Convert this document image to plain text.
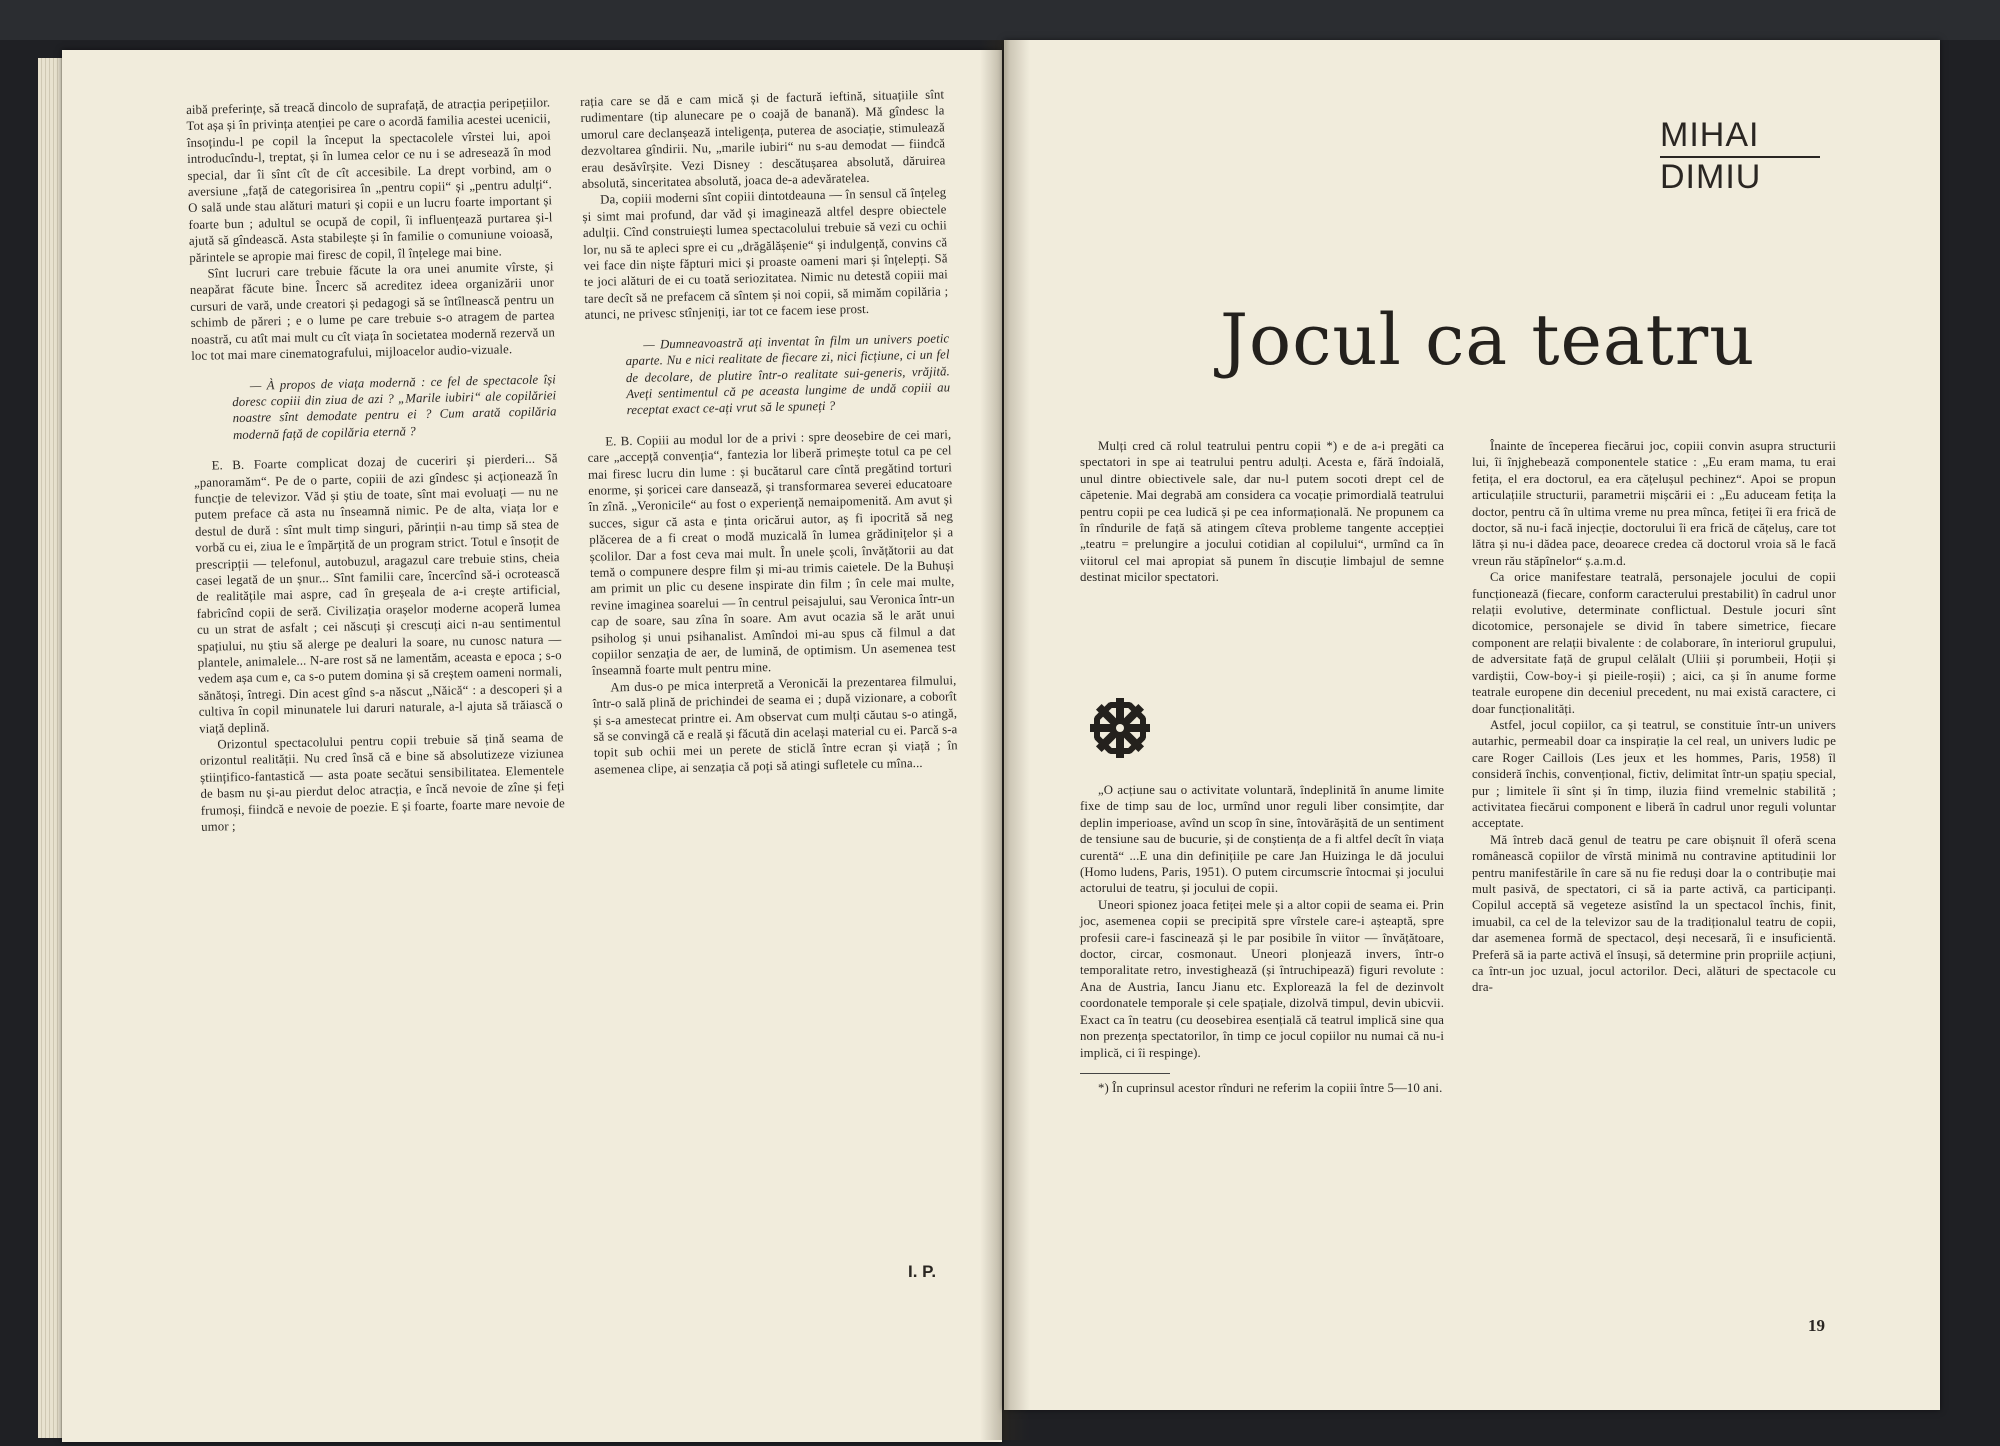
aibă preferințe, să treacă dincolo de suprafață, de atracția peripețiilor. Tot așa și în privința atenției pe care o acordă familia acestei ucenicii, însoțindu-l pe copil la început la spectacolele vîrstei lui, apoi introducîndu-l, treptat, și în lumea celor ce nu i se adresează în mod special, dar îi sînt cît de cît accesibile. La drept vorbind, am o aversiune „față de categorisirea în „pentru copii“ și „pentru adulți“. O sală unde stau alături maturi și copii e un lucru foarte important și foarte bun ; adultul se ocupă de copil, îi influențează purtarea și-l ajută să gîndească. Asta stabilește și în familie o comuniune voioasă, părintele se apropie mai firesc de copil, îl înțelege mai bine.

Sînt lucruri care trebuie făcute la ora unei anumite vîrste, și neapărat făcute bine. Încerc să acreditez ideea organizării unor cursuri de vară, unde creatori și pedagogi să se întîlnească pentru un schimb de păreri ; e o lume pe care trebuie s-o atragem de partea noastră, cu atît mai mult cu cît viața în societatea modernă rezervă un loc tot mai mare cinematografului, mijloacelor audio-vizuale.

— À propos de viața modernă : ce fel de spectacole își doresc copiii din ziua de azi ? „Marile iubiri“ ale copilăriei noastre sînt demodate pentru ei ? Cum arată copilăria modernă față de copilăria eternă ?

E. B. Foarte complicat dozaj de cuceriri și pierderi... Să „panoramăm“. Pe de o parte, copiii de azi gîndesc și acționează în funcție de televizor. Văd și știu de toate, sînt mai evoluați — nu ne putem preface că asta nu înseamnă nimic. Pe de alta, viața lor e destul de dură : sînt mult timp singuri, părinții n-au timp să stea de vorbă cu ei, ziua le e împărțită de un program strict. Totul e însoțit de prescripții — telefonul, autobuzul, aragazul care trebuie stins, cheia casei legată de un șnur... Sînt familii care, încercînd să-i ocrotească de realitățile mai aspre, cad în greșeala de a-i crește artificial, fabricînd copii de seră. Civilizația orașelor moderne acoperă lumea cu un strat de asfalt ; cei născuți și crescuți aici n-au sentimentul spațiului, nu știu să alerge pe dealuri la soare, nu cunosc natura — plantele, animalele... N-are rost să ne lamentăm, aceasta e epoca ; s-o vedem așa cum e, ca s-o putem domina și să creștem oameni normali, sănătoși, întregi. Din acest gînd s-a născut „Năică“ : a descoperi și a cultiva în copil minunatele lui daruri naturale, a-l ajuta să trăiască o viață deplină.

Orizontul spectacolului pentru copii trebuie să țină seama de orizontul realității. Nu cred însă că e bine să absolutizeze viziunea științifico-fantastică — asta poate secătui sensibilitatea. Elementele de basm nu și-au pierdut deloc atracția, e încă nevoie de zîne și feți frumoși, fiindcă e nevoie de poezie. E și foarte, foarte mare nevoie de umor ;

rația care se dă e cam mică și de factură ieftină, situațiile sînt rudimentare (tip alunecare pe o coajă de banană). Mă gîndesc la umorul care declanșează inteligența, puterea de asociație, stimulează dezvoltarea gîndirii. Nu, „marile iubiri“ nu s-au demodat — fiindcă erau desăvîrșite. Vezi Disney : descătușarea absolută, dăruirea absolută, sinceritatea absolută, joaca de-a adevăratelea.

Da, copiii moderni sînt copiii dintotdeauna — în sensul că înțeleg și simt mai profund, dar văd și imaginează altfel despre obiectele adulții. Cînd construiești lumea spectacolului trebuie să vezi cu ochii lor, nu să te apleci spre ei cu „drăgălășenie“ și indulgență, convins că vei face din niște făpturi mici și proaste oameni mari și înțelepți. Să te joci alături de ei cu toată seriozitatea. Nimic nu detestă copiii mai tare decît să ne prefacem că sîntem și noi copii, să mimăm copilăria ; atunci, ne privesc stînjeniți, iar tot ce facem iese prost.

— Dumneavoastră ați inventat în film un univers poetic aparte. Nu e nici realitate de fiecare zi, nici ficțiune, ci un fel de decolare, de plutire într-o realitate sui-generis, vrăjită. Aveți sentimentul că pe aceasta lungime de undă copiii au receptat exact ce-ați vrut să le spuneți ?

E. B. Copiii au modul lor de a privi : spre deosebire de cei mari, care „accepță convenția“, fantezia lor liberă primește totul ca pe cel mai firesc lucru din lume : și bucătarul care cîntă pregătind torturi enorme, și șoricei care dansează, și transformarea severei educatoare în zînă. „Veronicile“ au fost o experiență nemaipomenită. Am avut și succes, sigur că asta e ținta oricărui autor, aș fi ipocrită să neg plăcerea de a fi creat o modă muzicală în lumea grădinițelor și a școlilor. Dar a fost ceva mai mult. În unele școli, învățătorii au dat temă o compunere despre film și mi-au trimis caietele. De la Buhuși am primit un plic cu desene inspirate din film ; în cele mai multe, revine imaginea soarelui — în centrul peisajului, sau Veronica într-un cap de soare, sau zîna în soare. Am avut ocazia să le arăt unui psiholog și unui psihanalist. Amîndoi mi-au spus că filmul a dat copiilor senzația de aer, de lumină, de optimism. Un asemenea test înseamnă foarte mult pentru mine.

Am dus-o pe mica interpretă a Veronicăi la prezentarea filmului, într-o sală plină de prichindei de seama ei ; după vizionare, a coborît și s-a amestecat printre ei. Am observat cum mulți căutau s-o atingă, să se convingă că e reală și făcută din același material cu ei. Parcă s-a topit sub ochii mei un perete de sticlă între ecran și viață ; în asemenea clipe, ai senzația că poți să atingi sufletele cu mîna...

I. P.
MIHAI
DIMIU
Jocul ca teatru

Mulți cred că rolul teatrului pentru copii *) e de a-i pregăti ca spectatori in spe ai teatrului pentru adulți. Acesta e, fără îndoială, unul dintre obiectivele sale, dar nu-l putem socoti drept cel de căpetenie. Mai degrabă am considera ca vocație primordială teatrului pentru copii pe cea ludică și pe cea informațională. Ne propunem ca în rîndurile de față să atingem cîteva probleme tangente accepției „teatru = prelungire a jocului cotidian al copilului“, urmînd ca în viitorul cel mai apropiat să punem în discuție limbajul de semne destinat micilor spectatori.

„O acțiune sau o activitate voluntară, îndeplinită în anume limite fixe de timp sau de loc, urmînd unor reguli liber consimțite, dar deplin imperioase, avînd un scop în sine, întovărășită de un sentiment de tensiune sau de bucurie, și de conștiența de a fi altfel decît în viața curentă“ ...E una din definițiile pe care Jan Huizinga le dă jocului (Homo ludens, Paris, 1951). O putem circumscrie întocmai și jocului actorului de teatru, și jocului de copii.

Uneori spionez joaca fetiței mele și a altor copii de seama ei. Prin joc, asemenea copii se precipită spre vîrstele care-i așteaptă, spre profesii care-i fascinează și le par posibile în viitor — învățătoare, doctor, circar, cosmonaut. Uneori plonjează invers, într-o temporalitate retro, investighează (și întruchipează) figuri revolute : Ana de Austria, Iancu Jianu etc. Explorează la fel de dezinvolt coordonatele temporale și cele spațiale, dizolvă timpul, devin ubicvii. Exact ca în teatru (cu deosebirea esențială că teatrul implică sine qua non prezența spectatorilor, în timp ce jocul copiilor nu numai că nu-i implică, ci îi respinge).

*) În cuprinsul acestor rînduri ne referim la copiii între 5—10 ani.

Înainte de începerea fiecărui joc, copiii convin asupra structurii lui, îi înjghebează componentele statice : „Eu eram mama, tu erai fetița, el era doctorul, ea era cățelușul pechinez“. Apoi se propun articulațiile structurii, parametrii mișcării ei : „Eu aduceam fetița la doctor, pentru că în ultima vreme nu prea mînca, fetiței îi era frică de doctor, să nu-i facă injecție, doctorului îi era frică de cățeluș, care tot lătra și nu-i dădea pace, deoarece credea că doctorul vroia să le facă vreun rău stăpînelor“ ș.a.m.d.

Ca orice manifestare teatrală, personajele jocului de copii funcționează (fiecare, conform caracterului prestabilit) în cadrul unor relații evolutive, determinate conflictual. Destule jocuri sînt dicotomice, personajele se divid în tabere simetrice, fiecare component are relații bivalente : de colaborare, în interiorul grupului, de adversitate față de grupul celălalt (Uliii și porumbeii, Hoții și vardiștii, Cow-boy-i și pieile-roșii) ; aici, ca și în anume forme teatrale europene din deceniul precedent, nu mai există caractere, ci doar funcționalități.

Astfel, jocul copiilor, ca și teatrul, se constituie într-un univers autarhic, permeabil doar ca inspirație la cel real, un univers ludic pe care Roger Caillois (Les jeux et les hommes, Paris, 1958) îl consideră închis, convențional, fictiv, delimitat într-un spațiu special, pur ; limitele îi sînt și în timp, iluzia fiind vremelnic stabilită ; activitatea fiecărui component e liberă în cadrul unor reguli voluntar acceptate.

Mă întreb dacă genul de teatru pe care obișnuit îl oferă scena românească copiilor de vîrstă minimă nu contravine aptitudinii lor pentru manifestările în care să nu fie reduși doar la o contribuție mai mult pasivă, de spectatori, ci să ia parte activă, ca participanți. Copilul acceptă să vegeteze asistînd la un spectacol închis, finit, imuabil, ca cel de la televizor sau de la tradiționalul teatru de copii, dar asemenea formă de spectacol, deși necesară, îi e insuficientă. Preferă să ia parte activă el însuși, să determine prin propriile acțiuni, ca într-un joc uzual, jocul actorilor. Deci, alături de spectacole cu dra-

19
